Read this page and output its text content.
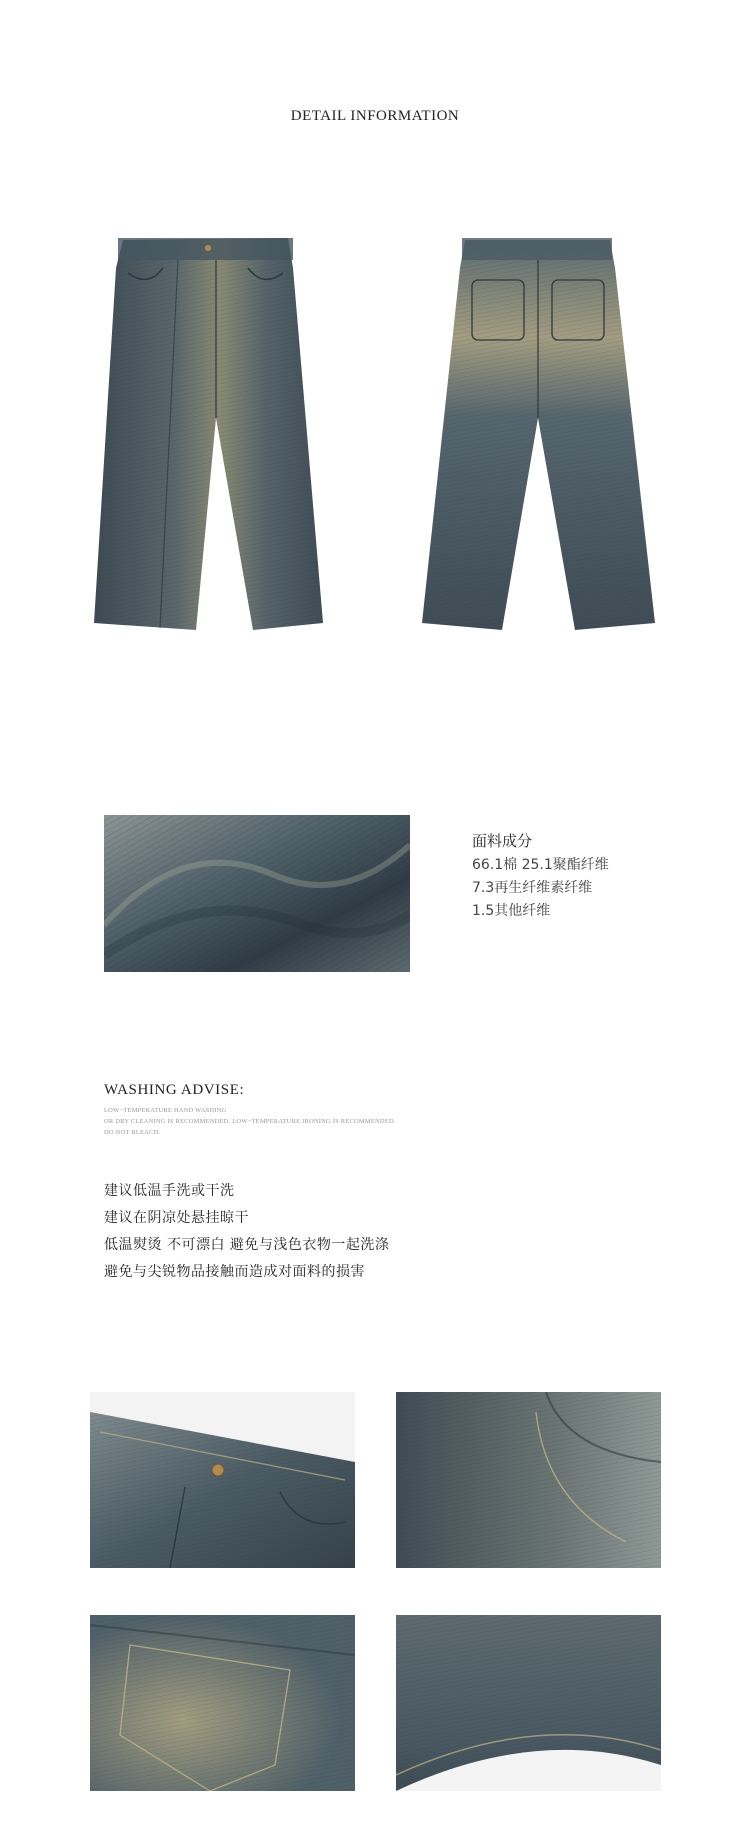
DETAIL INFORMATION
面料成分
66.1棉 25.1聚酯纤维
7.3再生纤维素纤维
1.5其他纤维
WASHING ADVISE:
LOW−TEMPERATURE HAND WASHING
OR DRY CLEANING IS RECOMMENDED. LOW−TEMPERATURE IRONING IS RECOMMENDED.
DO NOT BLEACH.
建议低温手洗或干洗
建议在阴凉处悬挂晾干
低温熨烫 不可漂白 避免与浅色衣物一起洗涤
避免与尖锐物品接触而造成对面料的损害
